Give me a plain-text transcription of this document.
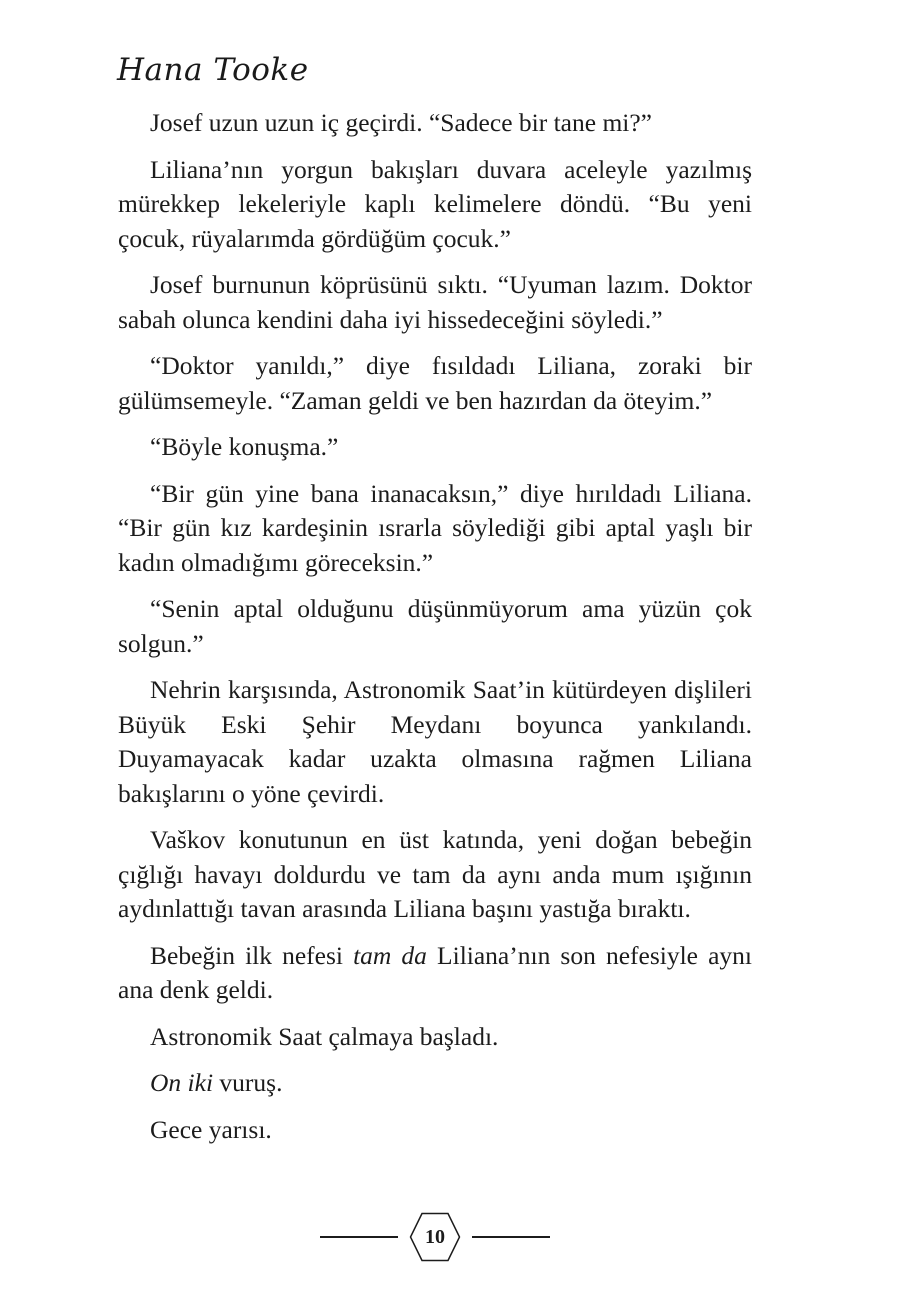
Hana Tooke

Josef uzun uzun iç geçirdi. “Sadece bir tane mi?”

Liliana’nın yorgun bakışları duvara aceleyle yazılmış mürekkep lekeleriyle kaplı kelimelere döndü. “Bu yeni çocuk, rüyalarımda gördüğüm çocuk.”

Josef burnunun köprüsünü sıktı. “Uyuman lazım. Doktor sabah olunca kendini daha iyi hissedeceğini söyledi.”

“Doktor yanıldı,” diye fısıldadı Liliana, zoraki bir gülümsemeyle. “Zaman geldi ve ben hazırdan da öteyim.”

“Böyle konuşma.”

“Bir gün yine bana inanacaksın,” diye hırıldadı Liliana. “Bir gün kız kardeşinin ısrarla söylediği gibi aptal yaşlı bir kadın olmadığımı göreceksin.”

“Senin aptal olduğunu düşünmüyorum ama yüzün çok solgun.”

Nehrin karşısında, Astronomik Saat’in kütürdeyen dişlileri Büyük Eski Şehir Meydanı boyunca yankılandı. Duyamayacak kadar uzakta olmasına rağmen Liliana bakışlarını o yöne çevirdi.

Vaškov konutunun en üst katında, yeni doğan bebeğin çığlığı havayı doldurdu ve tam da aynı anda mum ışığının aydınlattığı tavan arasında Liliana başını yastığa bıraktı.

Bebeğin ilk nefesi tam da Liliana’nın son nefesiyle aynı ana denk geldi.

Astronomik Saat çalmaya başladı.

On iki vuruş.

Gece yarısı.

10
